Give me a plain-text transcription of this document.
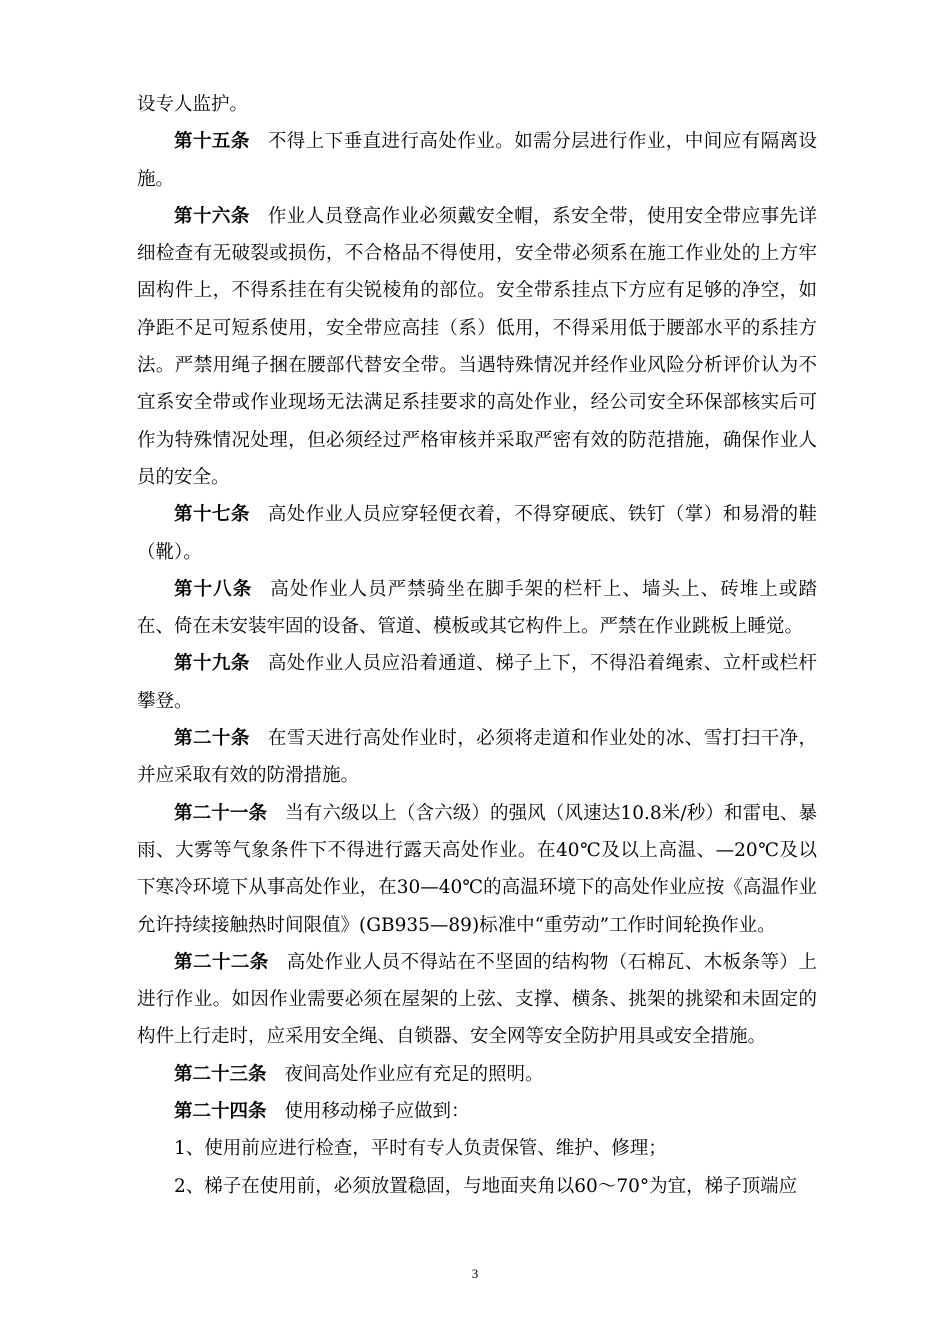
设专人监护。

第十五条 不得上下垂直进行高处作业。如需分层进行作业，中间应有隔离设施。

第十六条 作业人员登高作业必须戴安全帽，系安全带，使用安全带应事先详细检查有无破裂或损伤，不合格品不得使用，安全带必须系在施工作业处的上方牢固构件上，不得系挂在有尖锐棱角的部位。安全带系挂点下方应有足够的净空，如净距不足可短系使用，安全带应高挂（系）低用，不得采用低于腰部水平的系挂方法。严禁用绳子捆在腰部代替安全带。当遇特殊情况并经作业风险分析评价认为不宜系安全带或作业现场无法满足系挂要求的高处作业，经公司安全环保部核实后可作为特殊情况处理，但必须经过严格审核并采取严密有效的防范措施，确保作业人员的安全。

第十七条 高处作业人员应穿轻便衣着，不得穿硬底、铁钉（掌）和易滑的鞋（靴）。

第十八条 高处作业人员严禁骑坐在脚手架的栏杆上、墙头上、砖堆上或踏在、倚在未安装牢固的设备、管道、模板或其它构件上。严禁在作业跳板上睡觉。

第十九条 高处作业人员应沿着通道、梯子上下，不得沿着绳索、立杆或栏杆攀登。

第二十条 在雪天进行高处作业时，必须将走道和作业处的冰、雪打扫干净，并应采取有效的防滑措施。

第二十一条 当有六级以上（含六级）的强风（风速达10.8米/秒）和雷电、暴雨、大雾等气象条件下不得进行露天高处作业。在40℃及以上高温、—20℃及以下寒冷环境下从事高处作业，在30—40℃的高温环境下的高处作业应按《高温作业允许持续接触热时间限值》(GB935—89)标准中“重劳动”工作时间轮换作业。

第二十二条 高处作业人员不得站在不坚固的结构物（石棉瓦、木板条等）上进行作业。如因作业需要必须在屋架的上弦、支撑、横条、挑架的挑梁和未固定的构件上行走时，应采用安全绳、自锁器、安全网等安全防护用具或安全措施。

第二十三条 夜间高处作业应有充足的照明。

第二十四条 使用移动梯子应做到：

1、使用前应进行检查，平时有专人负责保管、维护、修理；

2、梯子在使用前，必须放置稳固，与地面夹角以60～70°为宜，梯子顶端应

3
